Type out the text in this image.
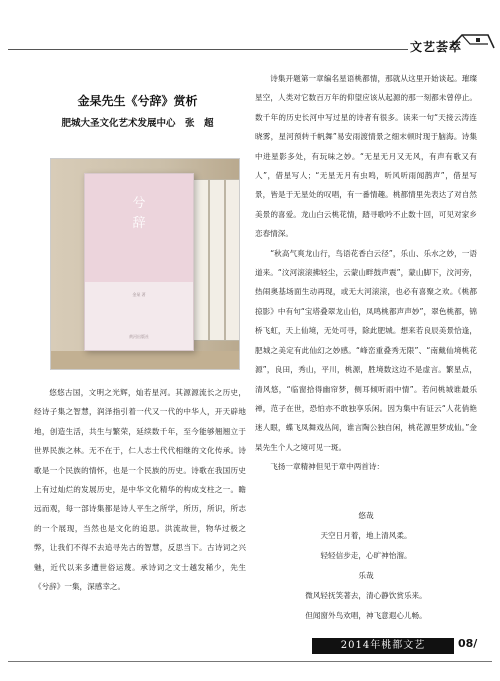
文艺荟萃
金杲先生《兮辞》赏析
肥城大圣文化艺术发展中心　张　超
兮
辞
金杲 著
黄河出版社

悠悠古国，文明之光辉，灿若星河。其源源流长之历史，经诗子集之智慧，润泽指引着一代又一代的中华人，开天辟地地，创造生活，共生与繁荣，延续数千年，至今能够翘翘立于世界民族之林。无不在于，仁人志士代代相继的文化传承。诗歌是一个民族的情怀，也是一个民族的历史。诗歌在我国历史上有过灿烂的发展历史，是中华文化精华的构成支柱之一。瞻远而观，每一部诗集都是诗人平生之所学，所历，所识，所志的一个展现，当然也是文化的追思。洪流故世，物华过极之弊，让我们不得不去追寻先古的智慧，反思当下。古诗词之兴魅，近代以来多遭世俗运蔑。承诗词之文士越发稀少，先生《兮辞》一集，深感幸之。

诗集开题第一章编名星语桃都情，那就从这里开始谈起。璀璨星空，人类对它数百万年的仰望应该从起源的那一刻都未曾停止。数千年的历史长河中写过星的诗者有很多。读来一句“天接云涛连晓雾，星河预转千帆舞”易安雨渡情景之细末顿时现于脑海。诗集中进星影多处，有玩味之妙。“无星无月又无风，有声有歌又有人”，借星写人；“无星无月有虫鸣，听风听雨闻鹊声”，借星写景，皆是于无星处的叹唱，有一番情趣。桃都情里先表达了对自然美景的喜爱。龙山白云桃花情，踏寻歌吟不止数十回，可见对家乡恋春情深。

“秋高气爽龙山行，鸟语花香白云径”，乐山、乐水之妙，一语道来。“汶河滚滚拂轻尘，云蒙山畔鼓声震”，蒙山脚下，汶河旁，热闹奥基场面生动再现，或无大河滚滚，也必有喜聚之欢。《桃都掠影》中有句“宝塔叠翠龙山伯，凤鸣桃都声声妙”，翠色桃都，锦桥飞虹，天上仙境，无处可寻，除此肥城。想来若良辰美景恰逢，肥城之美定有此仙幻之妙感。“峰峦重叠秀无限”、“南戴仙境桃花源”，良田，秀山，平川，桃源，胜境数这边不是虚言。繁星点，清风悠，“临窗拾得幽帘梦，侧耳倾听雨中情”。若问桃城谁最乐禅，范子在世，恐怕亦不敢独享乐闲。因为集中有证云“人花俏艳迷人眼，蝶飞凤舞戏丛间，谁言陶公独自闲，桃花源里梦成仙。”金杲先生个人之境可见一斑。

飞扬一章精神但见于章中两首诗：

悠哉
天空日月着，地上清风柔。
轻轻信步走，心旷神怡溜。
乐哉
微风轻抚笑著去，清心静饮赏乐来。
但闻窗外鸟欢唱，神飞意遐心儿畅。
2014年桃都文艺	08/
